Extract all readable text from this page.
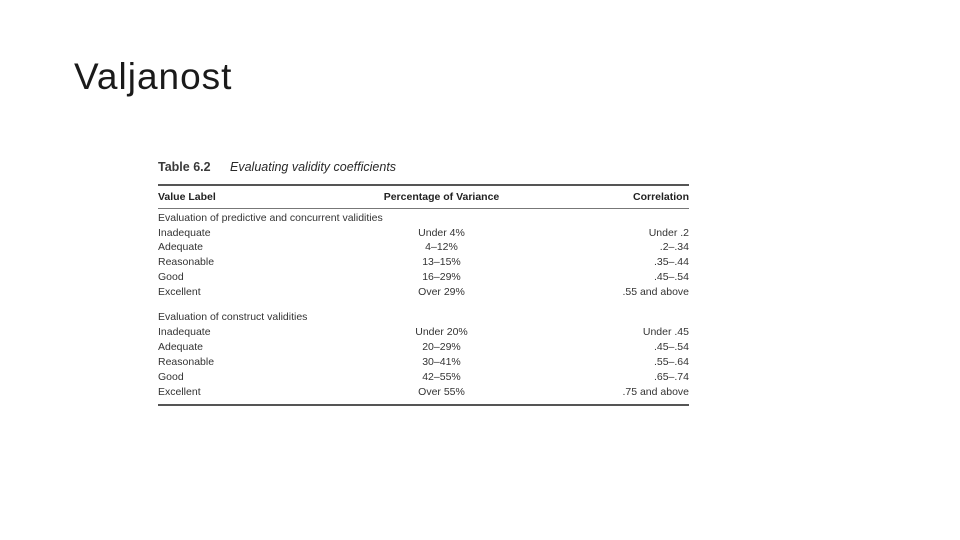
Valjanost
Table 6.2	Evaluating validity coefficients
Value Label	Percentage of Variance	Correlation
Evaluation of predictive and concurrent validities
Inadequate	Under 4%	Under .2
Adequate	4–12%	.2–.34
Reasonable	13–15%	.35–.44
Good	16–29%	.45–.54
Excellent	Over 29%	.55 and above
Evaluation of construct validities
Inadequate	Under 20%	Under .45
Adequate	20–29%	.45–.54
Reasonable	30–41%	.55–.64
Good	42–55%	.65–.74
Excellent	Over 55%	.75 and above
